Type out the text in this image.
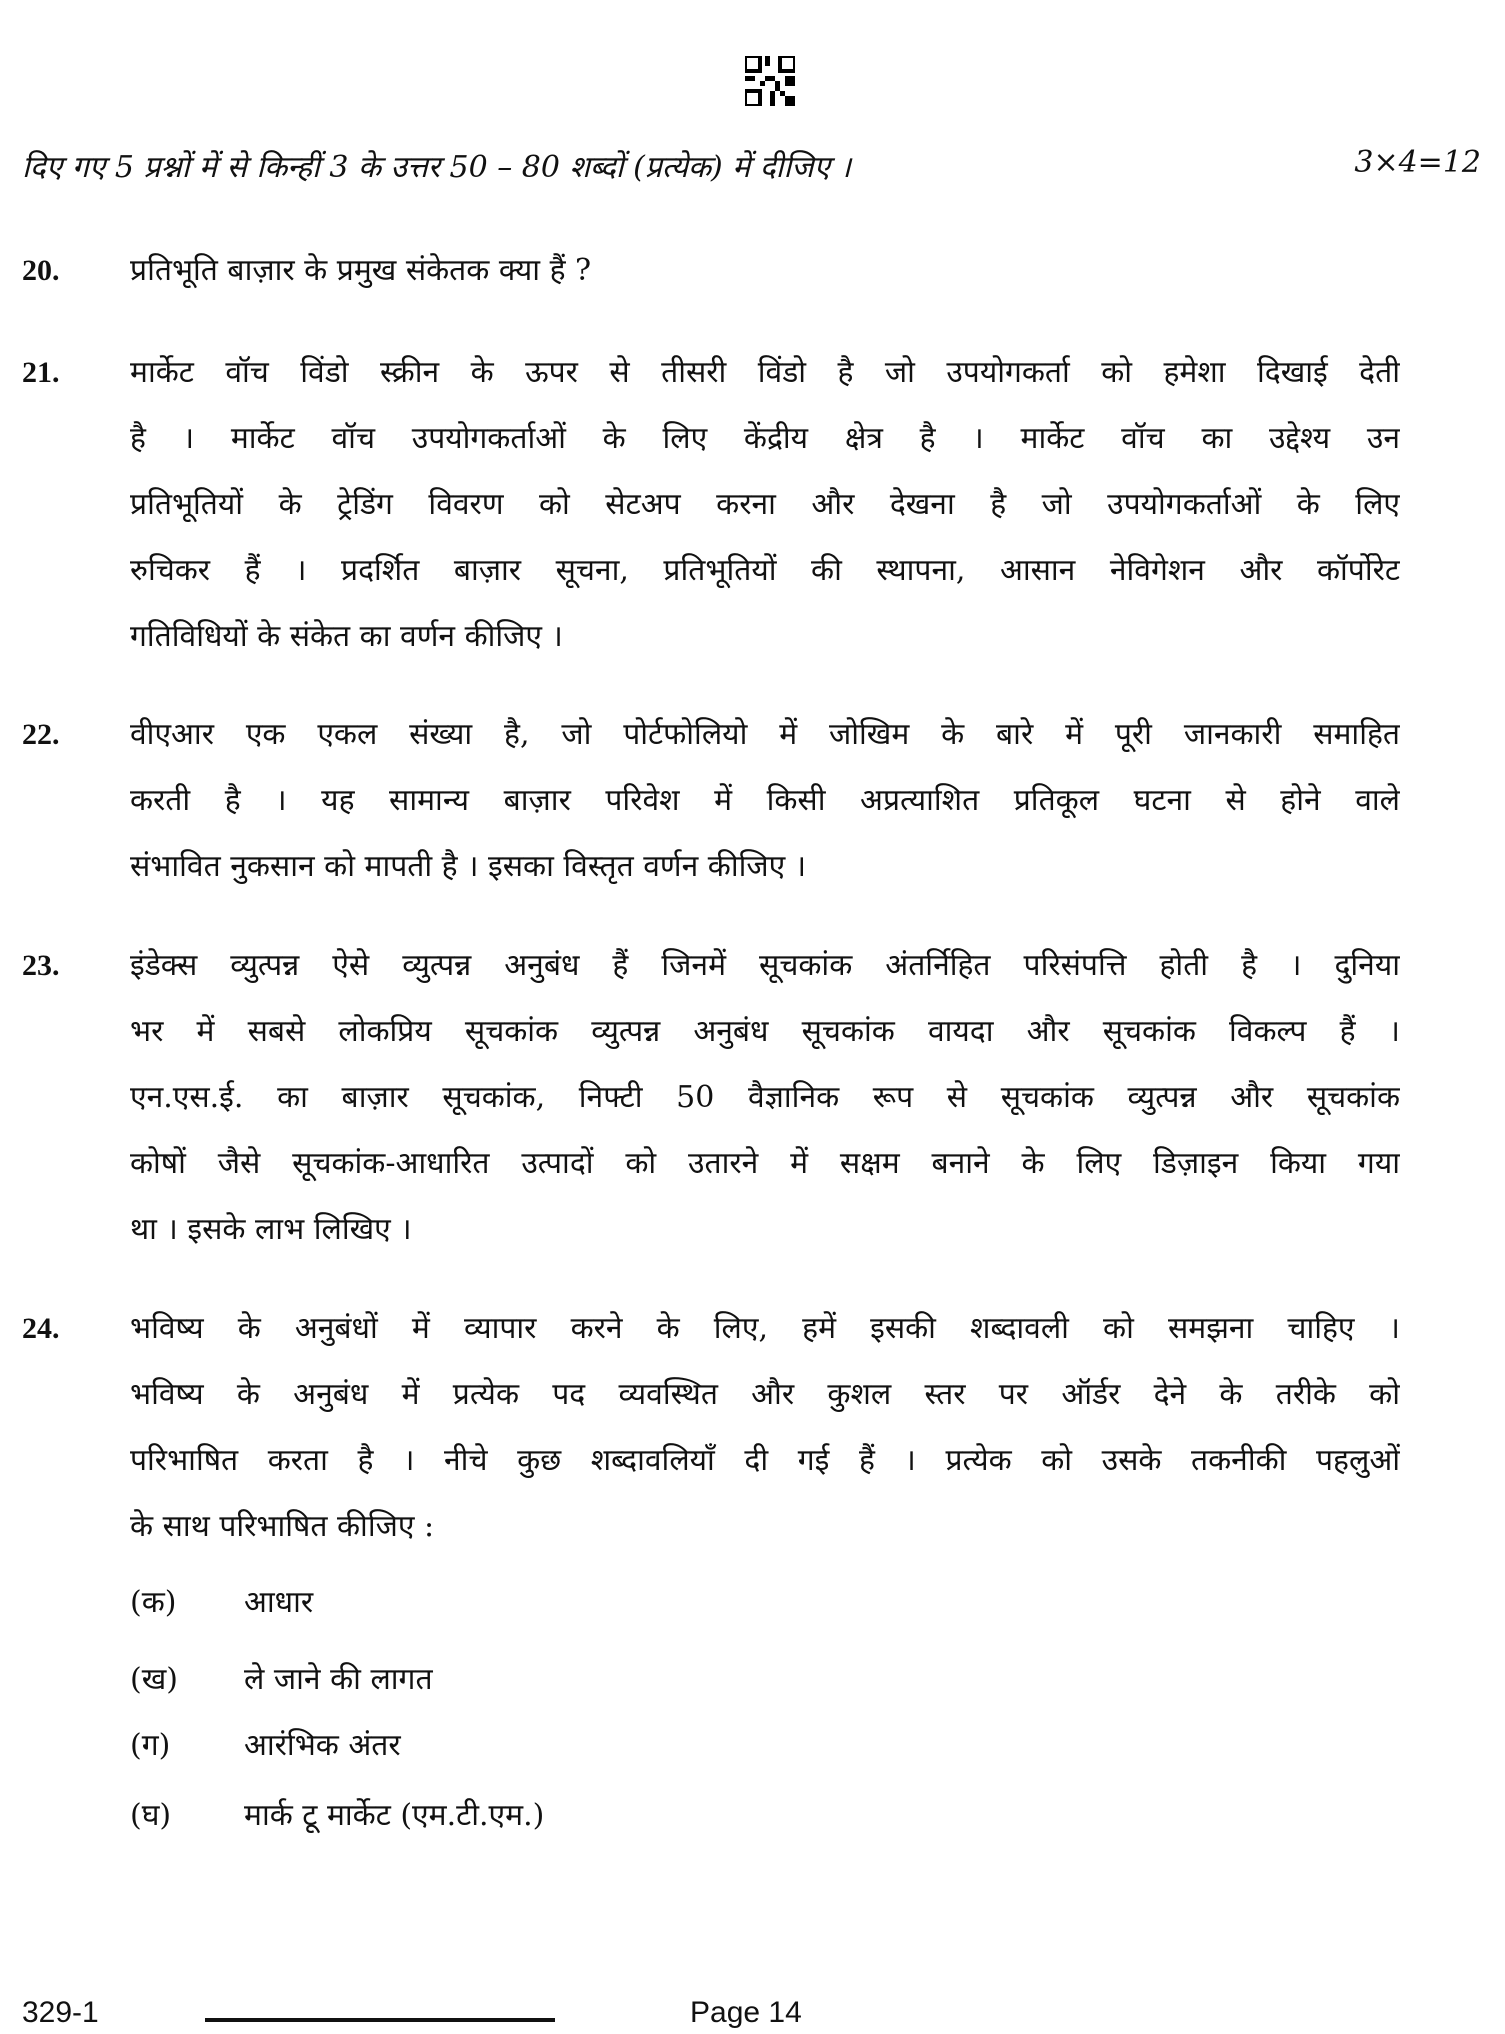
दिए गए 5 प्रश्नों में से किन्हीं 3 के उत्तर 50 – 80 शब्दों (प्रत्येक) में दीजिए ।	3×4=12
20. प्रतिभूति बाज़ार के प्रमुख संकेतक क्या हैं ?
21. मार्केट वॉच विंडो स्क्रीन के ऊपर से तीसरी विंडो है जो उपयोगकर्ता को हमेशा दिखाई देती
है । मार्केट वॉच उपयोगकर्ताओं के लिए केंद्रीय क्षेत्र है । मार्केट वॉच का उद्देश्य उन
प्रतिभूतियों के ट्रेडिंग विवरण को सेटअप करना और देखना है जो उपयोगकर्ताओं के लिए
रुचिकर हैं । प्रदर्शित बाज़ार सूचना, प्रतिभूतियों की स्थापना, आसान नेविगेशन और कॉर्पोरेट
गतिविधियों के संकेत का वर्णन कीजिए ।
22. वीएआर एक एकल संख्या है, जो पोर्टफोलियो में जोखिम के बारे में पूरी जानकारी समाहित
करती है । यह सामान्य बाज़ार परिवेश में किसी अप्रत्याशित प्रतिकूल घटना से होने वाले
संभावित नुकसान को मापती है । इसका विस्तृत वर्णन कीजिए ।
23. इंडेक्स व्युत्पन्न ऐसे व्युत्पन्न अनुबंध हैं जिनमें सूचकांक अंतर्निहित परिसंपत्ति होती है । दुनिया
भर में सबसे लोकप्रिय सूचकांक व्युत्पन्न अनुबंध सूचकांक वायदा और सूचकांक विकल्प हैं ।
एन.एस.ई. का बाज़ार सूचकांक, निफ्टी 50 वैज्ञानिक रूप से सूचकांक व्युत्पन्न और सूचकांक
कोषों जैसे सूचकांक-आधारित उत्पादों को उतारने में सक्षम बनाने के लिए डिज़ाइन किया गया
था । इसके लाभ लिखिए ।
24. भविष्य के अनुबंधों में व्यापार करने के लिए, हमें इसकी शब्दावली को समझना चाहिए ।
भविष्य के अनुबंध में प्रत्येक पद व्यवस्थित और कुशल स्तर पर ऑर्डर देने के तरीके को
परिभाषित करता है । नीचे कुछ शब्दावलियाँ दी गई हैं । प्रत्येक को उसके तकनीकी पहलुओं
के साथ परिभाषित कीजिए :
(क) आधार
(ख) ले जाने की लागत
(ग) आरंभिक अंतर
(घ) मार्क टू मार्केट (एम.टी.एम.)
329-1	Page 14
